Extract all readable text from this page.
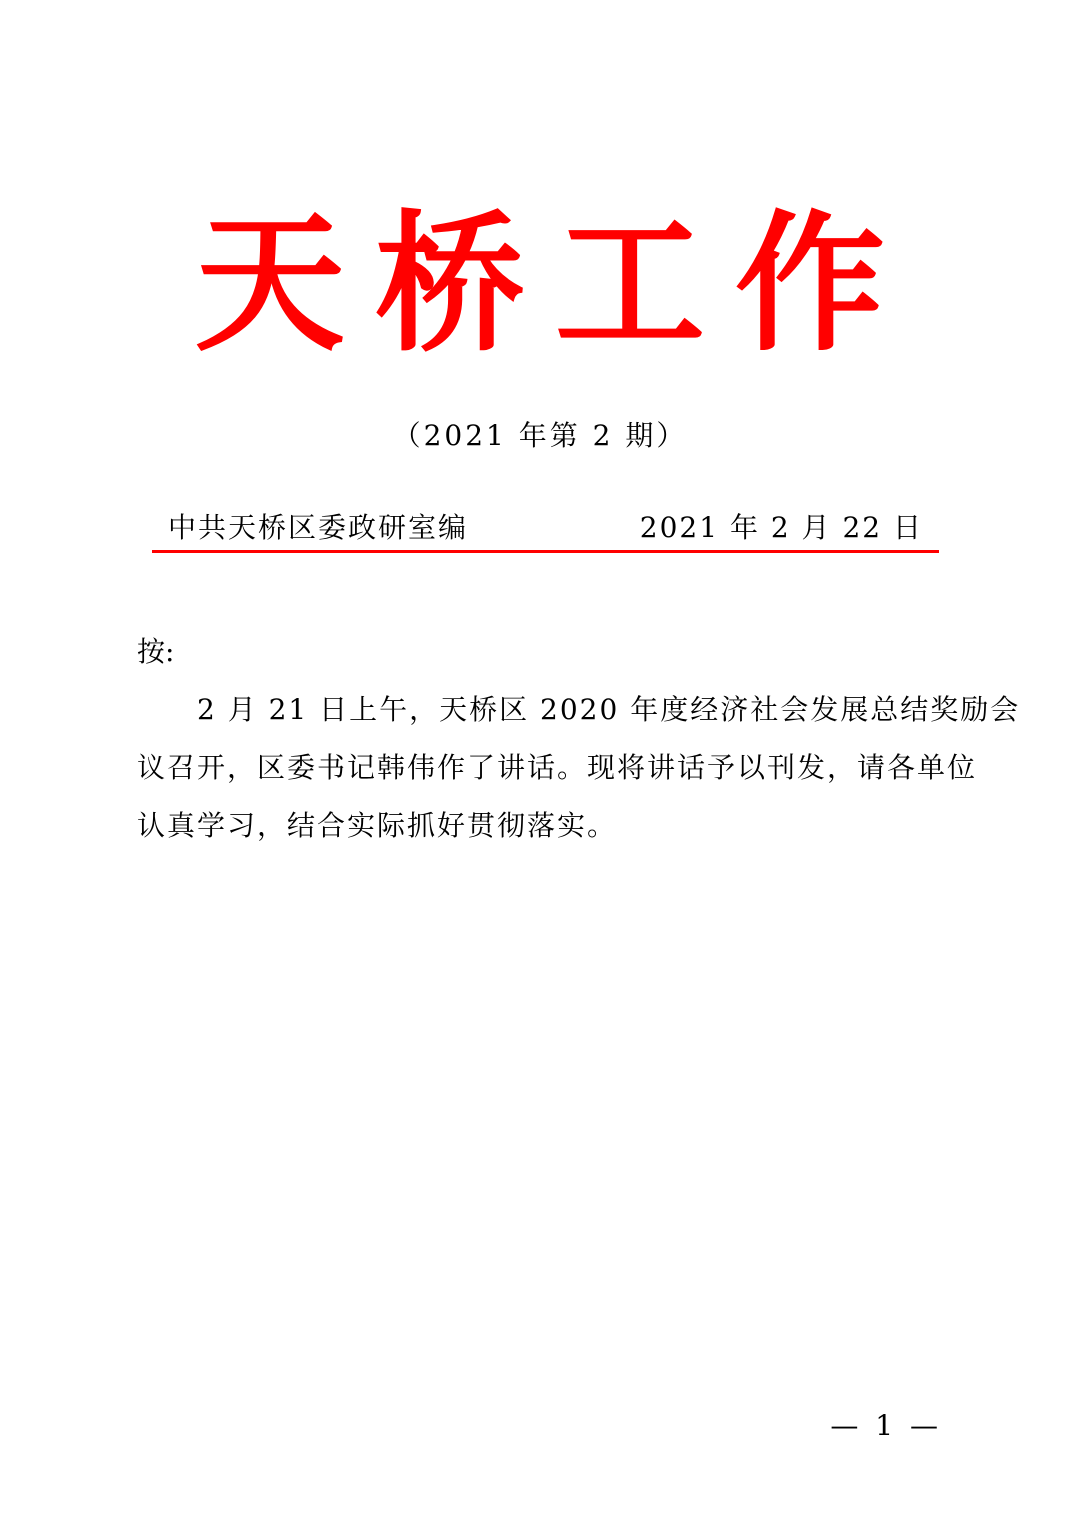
天桥工作
（2021 年第 2 期）
中共天桥区委政研室编	2021 年 2 月 22 日
按:
　　2 月 21 日上午，天桥区 2020 年度经济社会发展总结奖励会
议召开，区委书记韩伟作了讲话。现将讲话予以刊发，请各单位
认真学习，结合实际抓好贯彻落实。
— 1 —
